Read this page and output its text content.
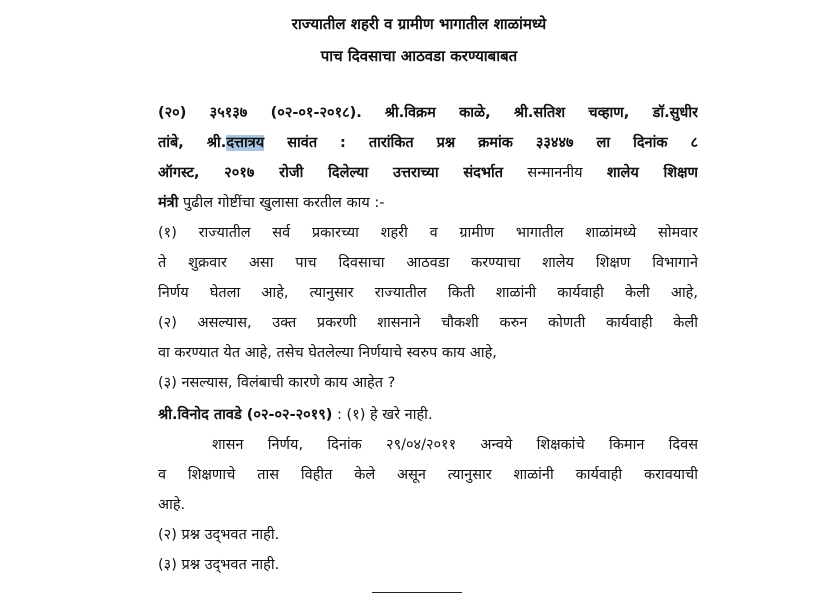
राज्यातील शहरी व ग्रामीण भागातील शाळांमध्ये
पाच दिवसाचा आठवडा करण्याबाबत
(२०) ३५१३७ (०२-०१-२०१८). श्री.विक्रम काळे, श्री.सतिश चव्हाण, डॉ.सुधीर
तांबे, श्री.दत्तात्रय सावंत : तारांकित प्रश्न क्रमांक ३३४४७ ला दिनांक ८
ऑगस्ट, २०१७ रोजी दिलेल्या उत्तराच्या संदर्भात सन्माननीय शालेय शिक्षण
मंत्री पुढील गोष्टींचा खुलासा करतील काय :-
(१) राज्यातील सर्व प्रकारच्या शहरी व ग्रामीण भागातील शाळांमध्ये सोमवार
ते शुक्रवार असा पाच दिवसाचा आठवडा करण्याचा शालेय शिक्षण विभागाने
निर्णय घेतला आहे, त्यानुसार राज्यातील किती शाळांनी कार्यवाही केली आहे,
(२) असल्यास, उक्त प्रकरणी शासनाने चौकशी करुन कोणती कार्यवाही केली
वा करण्यात येत आहे, तसेच घेतलेल्या निर्णयाचे स्वरुप काय आहे,
(३) नसल्यास, विलंबाची कारणे काय आहेत ?
श्री.विनोद तावडे (०२-०२-२०१९) : (१) हे खरे नाही.
शासन निर्णय, दिनांक २९/०४/२०११ अन्वये शिक्षकांचे किमान दिवस
व शिक्षणाचे तास विहीत केले असून त्यानुसार शाळांनी कार्यवाही करावयाची
आहे.
(२) प्रश्न उद्‌भवत नाही.
(३) प्रश्न उद्‌भवत नाही.
